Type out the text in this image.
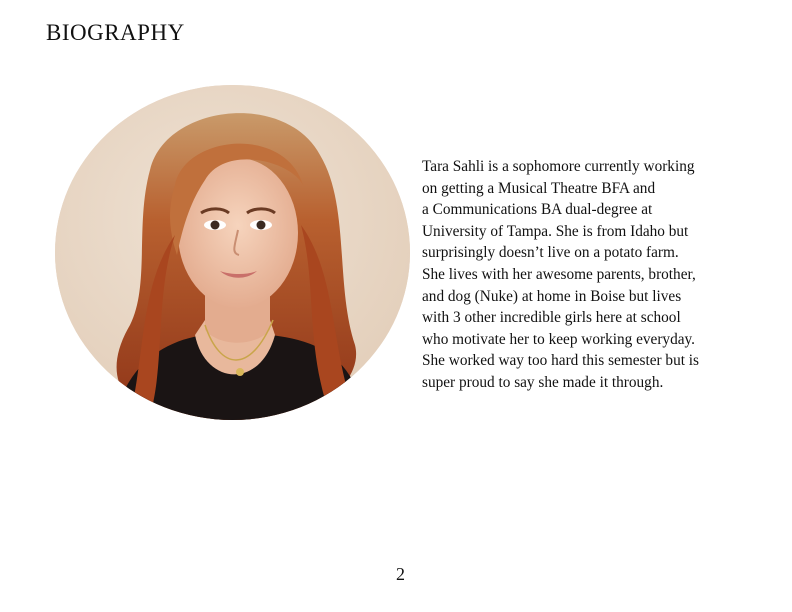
BIOGRAPHY

Tara Sahli is a sophomore currently working
on getting a Musical Theatre BFA and
a Communications BA dual-degree at
University of Tampa. She is from Idaho but
surprisingly doesn’t live on a potato farm.
She lives with her awesome parents, brother,
and dog (Nuke) at home in Boise but lives
with 3 other incredible girls here at school
who motivate her to keep working everyday.
She worked way too hard this semester but is
super proud to say she made it through.

2
